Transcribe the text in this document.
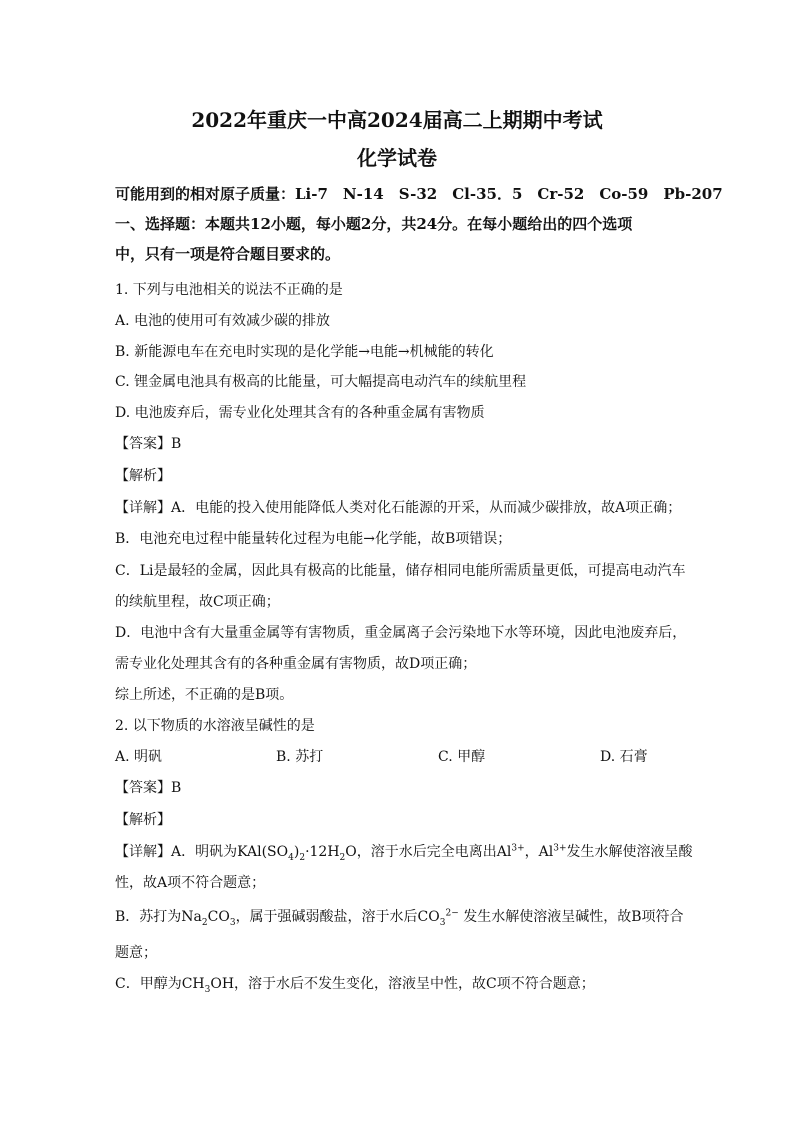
2022年重庆一中高2024届高二上期期中考试
化学试卷
可能用到的相对原子质量：Li-7　N-14　S-32　Cl-35．5　Cr-52　Co-59　Pb-207
一、选择题：本题共12小题，每小题2分，共24分。在每小题给出的四个选项
中，只有一项是符合题目要求的。
1. 下列与电池相关的说法不正确的是
A. 电池的使用可有效减少碳的排放
B. 新能源电车在充电时实现的是化学能→电能→机械能的转化
C. 锂金属电池具有极高的比能量，可大幅提高电动汽车的续航里程
D. 电池废弃后，需专业化处理其含有的各种重金属有害物质
【答案】B
【解析】
【详解】A．电能的投入使用能降低人类对化石能源的开采，从而减少碳排放，故A项正确；
B．电池充电过程中能量转化过程为电能→化学能，故B项错误；
C．Li是最轻的金属，因此具有极高的比能量，储存相同电能所需质量更低，可提高电动汽车
的续航里程，故C项正确；
D．电池中含有大量重金属等有害物质，重金属离子会污染地下水等环境，因此电池废弃后，
需专业化处理其含有的各种重金属有害物质，故D项正确；
综上所述，不正确的是B项。
2. 以下物质的水溶液呈碱性的是
A. 明矾	B. 苏打	C. 甲醇	D. 石膏
【答案】B
【解析】
【详解】A．明矾为$KAl(SO_4)_2\cdot 12H_2O$，溶于水后完全电离出$Al^{3+}$，$Al^{3+}$发生水解使溶液呈酸
性，故A项不符合题意；
B．苏打为$Na_2CO_3$，属于强碱弱酸盐，溶于水后$CO_3^{2-}$ 发生水解使溶液呈碱性，故B项符合
题意；
C．甲醇为$CH_3OH$，溶于水后不发生变化，溶液呈中性，故C项不符合题意；
